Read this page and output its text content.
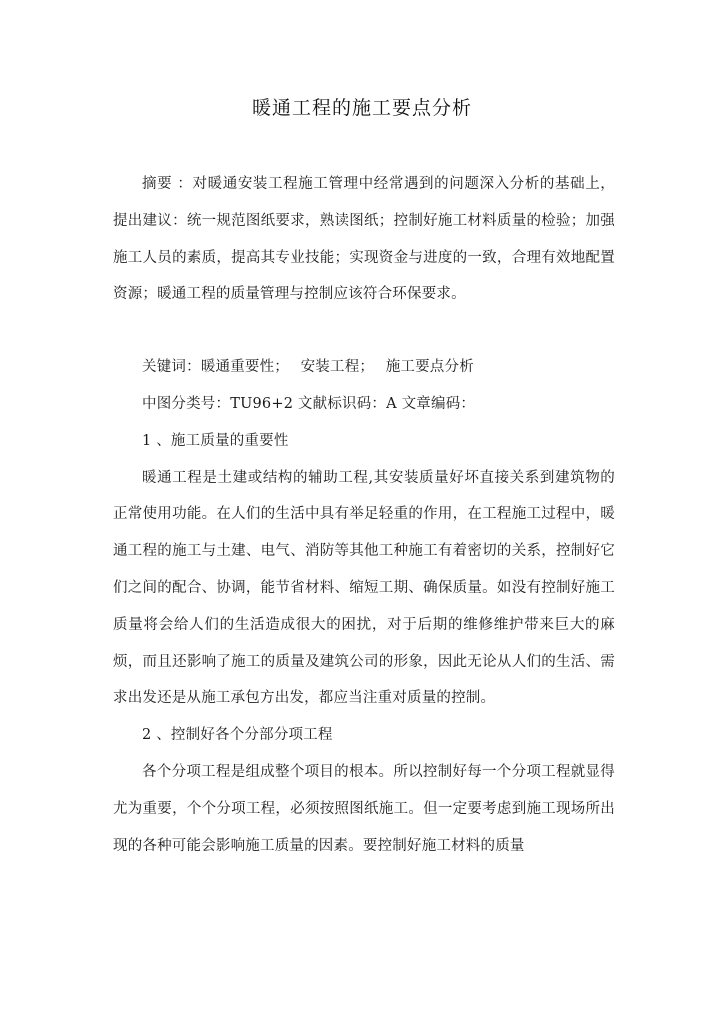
暖通工程的施工要点分析

摘要 ：对暖通安装工程施工管理中经常遇到的问题深入分析的基础上，提出建议：统一规范图纸要求，熟读图纸；控制好施工材料质量的检验；加强施工人员的素质，提高其专业技能；实现资金与进度的一致，合理有效地配置资源；暖通工程的质量管理与控制应该符合环保要求。

关键词：暖通重要性； 安装工程； 施工要点分析

中图分类号：TU96+2 文献标识码：A 文章编码：

1 、施工质量的重要性

暖通工程是土建或结构的辅助工程,其安装质量好坏直接关系到建筑物的正常使用功能。在人们的生活中具有举足轻重的作用，在工程施工过程中，暖通工程的施工与土建、电气、消防等其他工种施工有着密切的关系，控制好它们之间的配合、协调，能节省材料、缩短工期、确保质量。如没有控制好施工质量将会给人们的生活造成很大的困扰，对于后期的维修维护带来巨大的麻烦，而且还影响了施工的质量及建筑公司的形象，因此无论从人们的生活、需求出发还是从施工承包方出发，都应当注重对质量的控制。

2 、控制好各个分部分项工程

各个分项工程是组成整个项目的根本。所以控制好每一个分项工程就显得尤为重要，个个分项工程，必须按照图纸施工。但一定要考虑到施工现场所出现的各种可能会影响施工质量的因素。要控制好施工材料的质量
